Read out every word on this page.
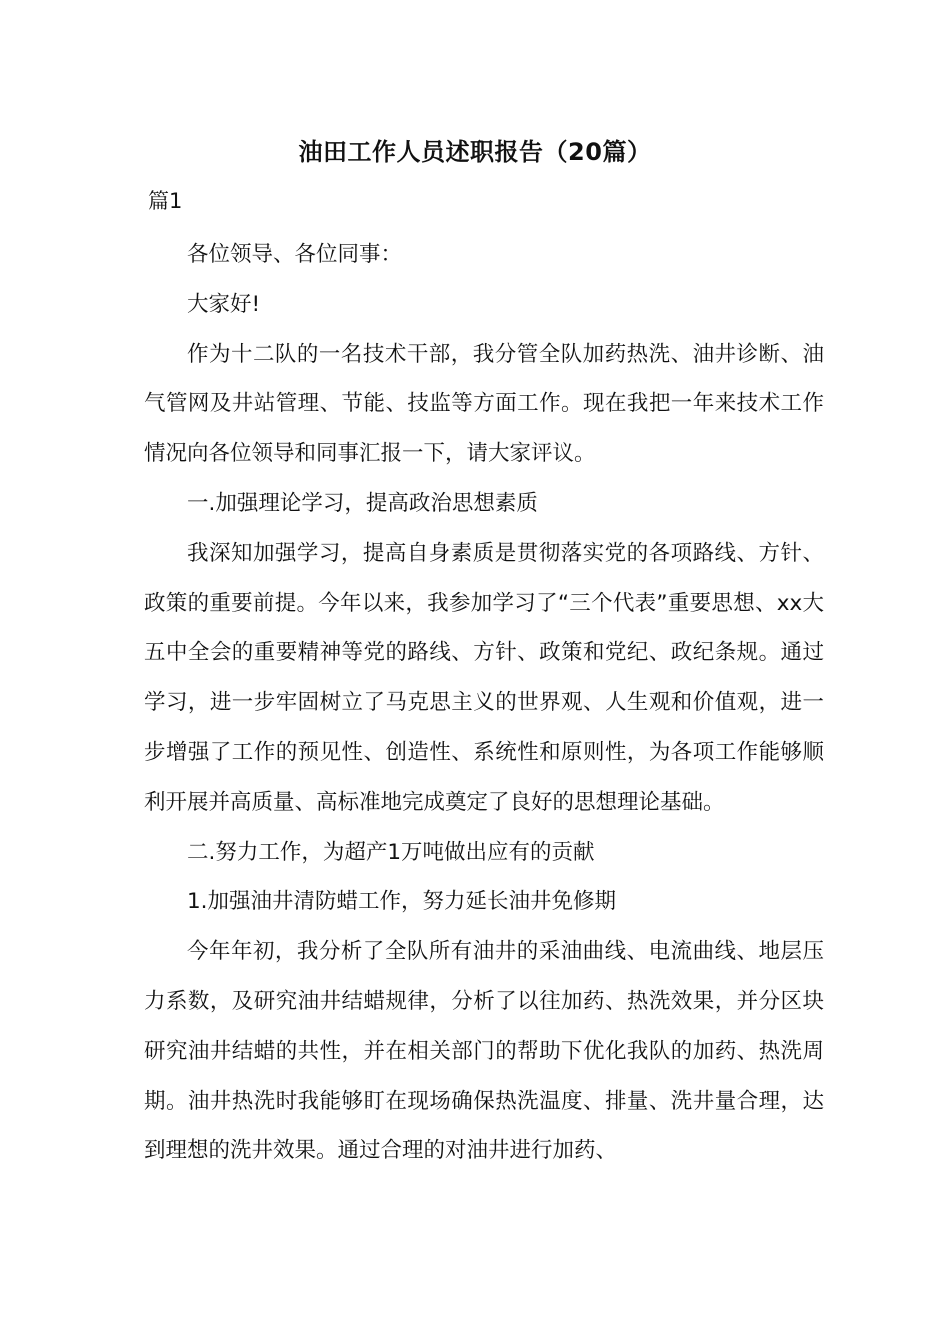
油田工作人员述职报告（20篇）
篇1

各位领导、各位同事：

大家好!

作为十二队的一名技术干部，我分管全队加药热洗、油井诊断、油气管网及井站管理、节能、技监等方面工作。现在我把一年来技术工作情况向各位领导和同事汇报一下，请大家评议。

一.加强理论学习，提高政治思想素质

我深知加强学习，提高自身素质是贯彻落实党的各项路线、方针、政策的重要前提。今年以来，我参加学习了“三个代表”重要思想、xx大五中全会的重要精神等党的路线、方针、政策和党纪、政纪条规。通过学习，进一步牢固树立了马克思主义的世界观、人生观和价值观，进一步增强了工作的预见性、创造性、系统性和原则性，为各项工作能够顺利开展并高质量、高标准地完成奠定了良好的思想理论基础。

二.努力工作，为超产1万吨做出应有的贡献

1.加强油井清防蜡工作，努力延长油井免修期

今年年初，我分析了全队所有油井的采油曲线、电流曲线、地层压力系数，及研究油井结蜡规律，分析了以往加药、热洗效果，并分区块研究油井结蜡的共性，并在相关部门的帮助下优化我队的加药、热洗周期。油井热洗时我能够盯在现场确保热洗温度、排量、洗井量合理，达到理想的洗井效果。通过合理的对油井进行加药、
